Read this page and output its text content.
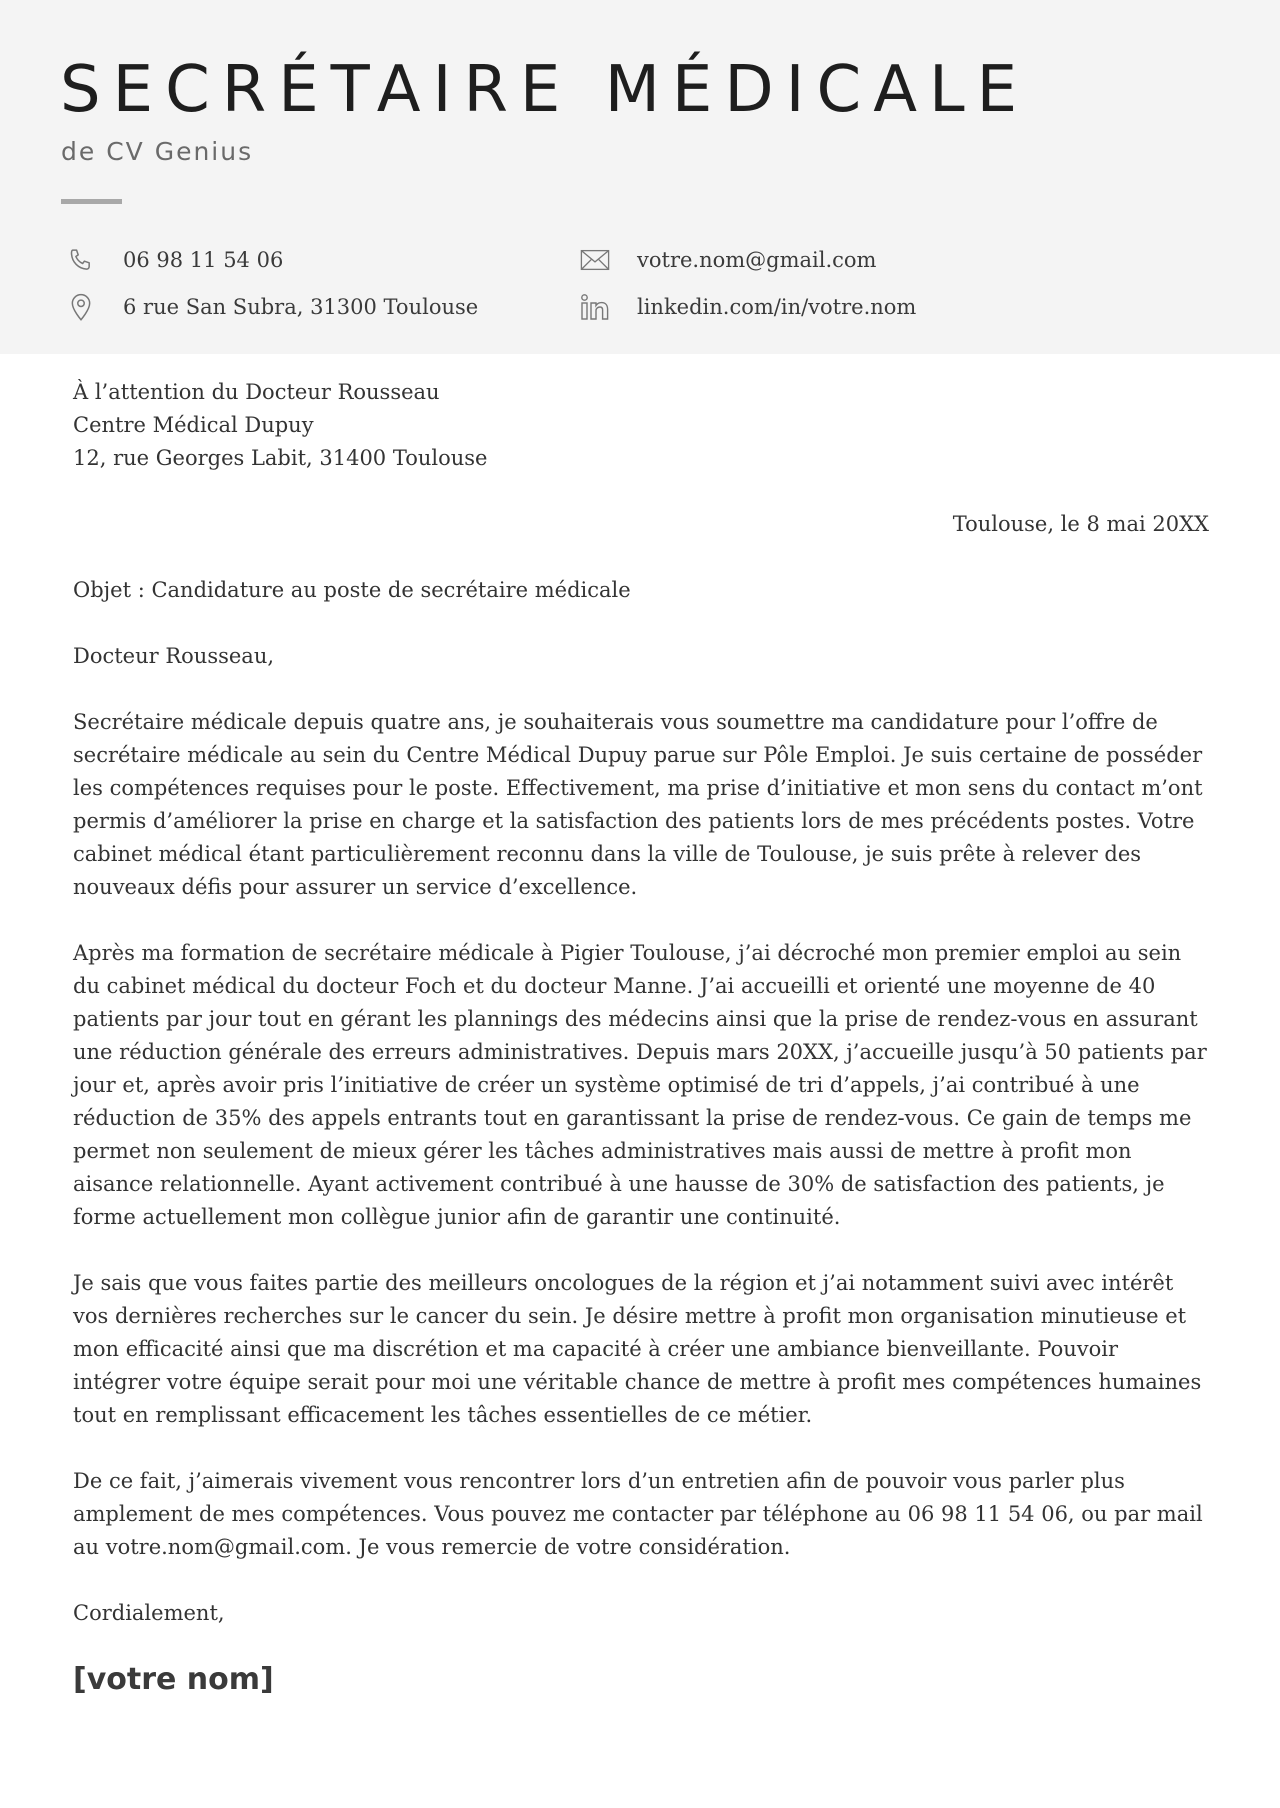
SECRÉTAIRE MÉDICALE
de CV Genius
06 98 11 54 06
6 rue San Subra, 31300 Toulouse
votre.nom@gmail.com
linkedin.com/in/votre.nom
À l’attention du Docteur Rousseau
Centre Médical Dupuy
12, rue Georges Labit, 31400 Toulouse
Toulouse, le 8 mai 20XX
Objet : Candidature au poste de secrétaire médicale
Docteur Rousseau,

Secrétaire médicale depuis quatre ans, je souhaiterais vous soumettre ma candidature pour l’offre de secrétaire médicale au sein du Centre Médical Dupuy parue sur Pôle Emploi. Je suis certaine de posséder les compétences requises pour le poste. Effectivement, ma prise d’initiative et mon sens du contact m’ont permis d’améliorer la prise en charge et la satisfaction des patients lors de mes précédents postes. Votre cabinet médical étant particulièrement reconnu dans la ville de Toulouse, je suis prête à relever des nouveaux défis pour assurer un service d’excellence.

Après ma formation de secrétaire médicale à Pigier Toulouse, j’ai décroché mon premier emploi au sein du cabinet médical du docteur Foch et du docteur Manne. J’ai accueilli et orienté une moyenne de 40 patients par jour tout en gérant les plannings des médecins ainsi que la prise de rendez-vous en assurant une réduction générale des erreurs administratives. Depuis mars 20XX, j’accueille jusqu’à 50 patients par jour et, après avoir pris l’initiative de créer un système optimisé de tri d’appels, j’ai contribué à une réduction de 35% des appels entrants tout en garantissant la prise de rendez-vous. Ce gain de temps me permet non seulement de mieux gérer les tâches administratives mais aussi de mettre à profit mon aisance relationnelle. Ayant activement contribué à une hausse de 30% de satisfaction des patients, je forme actuellement mon collègue junior afin de garantir une continuité.

Je sais que vous faites partie des meilleurs oncologues de la région et j’ai notamment suivi avec intérêt vos dernières recherches sur le cancer du sein. Je désire mettre à profit mon organisation minutieuse et mon efficacité ainsi que ma discrétion et ma capacité à créer une ambiance bienveillante. Pouvoir intégrer votre équipe serait pour moi une véritable chance de mettre à profit mes compétences humaines tout en remplissant efficacement les tâches essentielles de ce métier.

De ce fait, j’aimerais vivement vous rencontrer lors d’un entretien afin de pouvoir vous parler plus amplement de mes compétences. Vous pouvez me contacter par téléphone au 06 98 11 54 06, ou par mail au votre.nom@gmail.com. Je vous remercie de votre considération.

Cordialement,
[votre nom]
